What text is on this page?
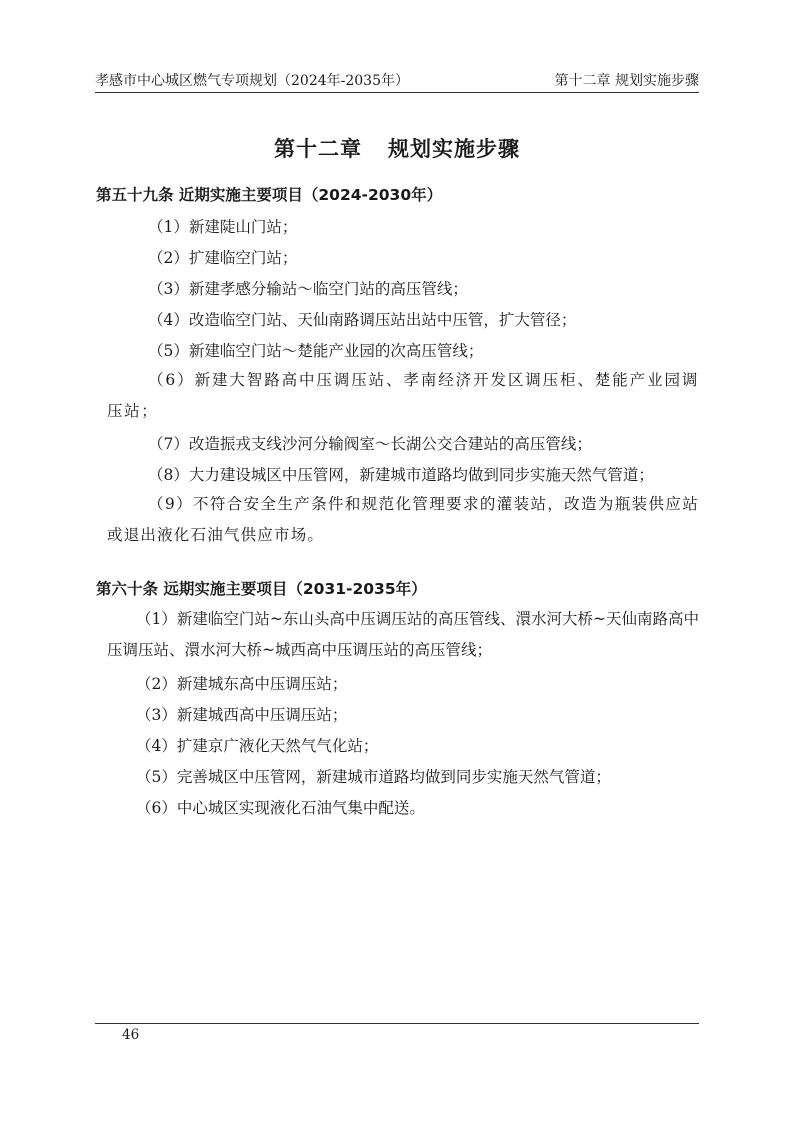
孝感市中心城区燃气专项规划（2024年-2035年）	第十二章 规划实施步骤
第十二章 规划实施步骤
第五十九条 近期实施主要项目（2024-2030年）
（1）新建陡山门站；
（2）扩建临空门站；
（3）新建孝感分输站～临空门站的高压管线；
（4）改造临空门站、天仙南路调压站出站中压管，扩大管径；
（5）新建临空门站～楚能产业园的次高压管线；
（6）新建大智路高中压调压站、孝南经济开发区调压柜、楚能产业园调压站；
（7）改造振戎支线沙河分输阀室～长湖公交合建站的高压管线；
（8）大力建设城区中压管网，新建城市道路均做到同步实施天然气管道；
（9）不符合安全生产条件和规范化管理要求的灌装站，改造为瓶装供应站或退出液化石油气供应市场。
第六十条 远期实施主要项目（2031-2035年）
（1）新建临空门站~东山头高中压调压站的高压管线、澴水河大桥~天仙南路高中压调压站、澴水河大桥~城西高中压调压站的高压管线；
（2）新建城东高中压调压站；
（3）新建城西高中压调压站；
（4）扩建京广液化天然气气化站；
（5）完善城区中压管网，新建城市道路均做到同步实施天然气管道；
（6）中心城区实现液化石油气集中配送。
46
